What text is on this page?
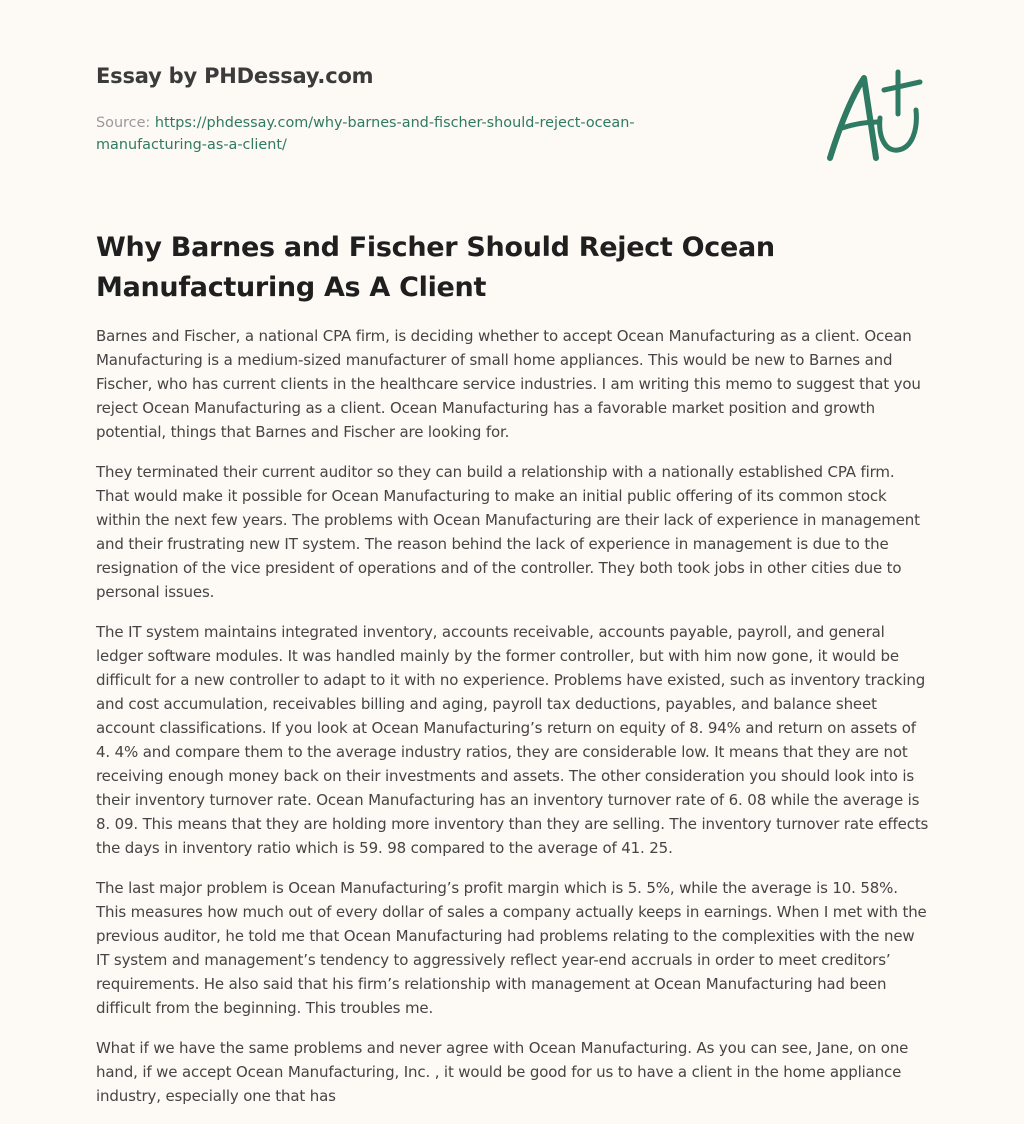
Essay by PHDessay.com
Source: https://phdessay.com/why-barnes-and-fischer-should-reject-ocean-manufacturing-as-a-client/
Why Barnes and Fischer Should Reject Ocean Manufacturing As A Client

Barnes and Fischer, a national CPA firm, is deciding whether to accept Ocean Manufacturing as a client. Ocean Manufacturing is a medium-sized manufacturer of small home appliances. This would be new to Barnes and Fischer, who has current clients in the healthcare service industries. I am writing this memo to suggest that you reject Ocean Manufacturing as a client. Ocean Manufacturing has a favorable market position and growth potential, things that Barnes and Fischer are looking for.

They terminated their current auditor so they can build a relationship with a nationally established CPA firm. That would make it possible for Ocean Manufacturing to make an initial public offering of its common stock within the next few years. The problems with Ocean Manufacturing are their lack of experience in management and their frustrating new IT system. The reason behind the lack of experience in management is due to the resignation of the vice president of operations and of the controller. They both took jobs in other cities due to personal issues.

The IT system maintains integrated inventory, accounts receivable, accounts payable, payroll, and general ledger software modules. It was handled mainly by the former controller, but with him now gone, it would be difficult for a new controller to adapt to it with no experience. Problems have existed, such as inventory tracking and cost accumulation, receivables billing and aging, payroll tax deductions, payables, and balance sheet account classifications. If you look at Ocean Manufacturing’s return on equity of 8. 94% and return on assets of 4. 4% and compare them to the average industry ratios, they are considerable low. It means that they are not receiving enough money back on their investments and assets. The other consideration you should look into is their inventory turnover rate. Ocean Manufacturing has an inventory turnover rate of 6. 08 while the average is 8. 09. This means that they are holding more inventory than they are selling. The inventory turnover rate effects the days in inventory ratio which is 59. 98 compared to the average of 41. 25.

The last major problem is Ocean Manufacturing’s profit margin which is 5. 5%, while the average is 10. 58%. This measures how much out of every dollar of sales a company actually keeps in earnings. When I met with the previous auditor, he told me that Ocean Manufacturing had problems relating to the complexities with the new IT system and management’s tendency to aggressively reflect year-end accruals in order to meet creditors’ requirements. He also said that his firm’s relationship with management at Ocean Manufacturing had been difficult from the beginning. This troubles me.

What if we have the same problems and never agree with Ocean Manufacturing. As you can see, Jane, on one hand, if we accept Ocean Manufacturing, Inc. , it would be good for us to have a client in the home appliance industry, especially one that has
